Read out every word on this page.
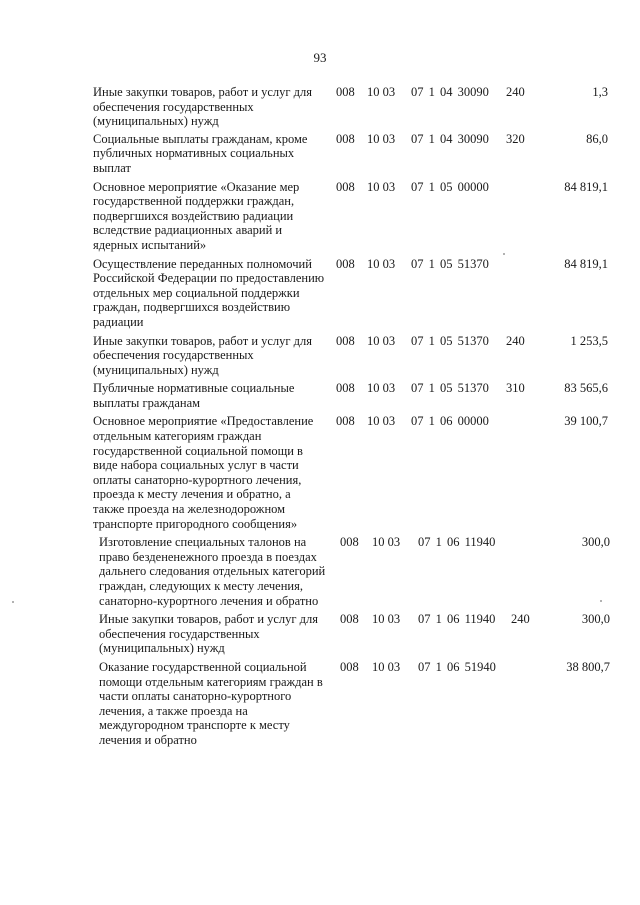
93
Иные закупки товаров, работ и услуг для обеспечения государственных (муниципальных) нужд
008 10 03 07 1 04 30090 240	1,3
Социальные выплаты гражданам, кроме публичных нормативных социальных выплат
008 10 03 07 1 04 30090 320	86,0
Основное мероприятие «Оказание мер государственной поддержки граждан, подвергшихся воздействию радиации вследствие радиационных аварий и ядерных испытаний»
008 10 03 07 1 05 00000	84 819,1
Осуществление переданных полномочий Российской Федерации по предоставлению отдельных мер социальной поддержки граждан, подвергшихся воздействию радиации
008 10 03 07 1 05 51370	84 819,1
Иные закупки товаров, работ и услуг для обеспечения государственных (муниципальных) нужд
008 10 03 07 1 05 51370 240	1 253,5
Публичные нормативные социальные выплаты гражданам
008 10 03 07 1 05 51370 310	83 565,6
Основное мероприятие «Предоставление отдельным категориям граждан государственной социальной помощи в виде набора социальных услуг в части оплаты санаторно-курортного лечения, проезда к месту лечения и обратно, а также проезда на железнодорожном транспорте пригородного сообщения»
008 10 03 07 1 06 00000	39 100,7
Изготовление специальных талонов на право бездененежного проезда в поездах дальнего следования отдельных категорий граждан, следующих к месту лечения, санаторно-курортного лечения и обратно
008 10 03 07 1 06 11940	300,0
Иные закупки товаров, работ и услуг для обеспечения государственных (муниципальных) нужд
008 10 03 07 1 06 11940 240	300,0
Оказание государственной социальной помощи отдельным категориям граждан в части оплаты санаторно-курортного лечения, а также проезда на междугородном транспорте к месту лечения и обратно
008 10 03 07 1 06 51940	38 800,7
